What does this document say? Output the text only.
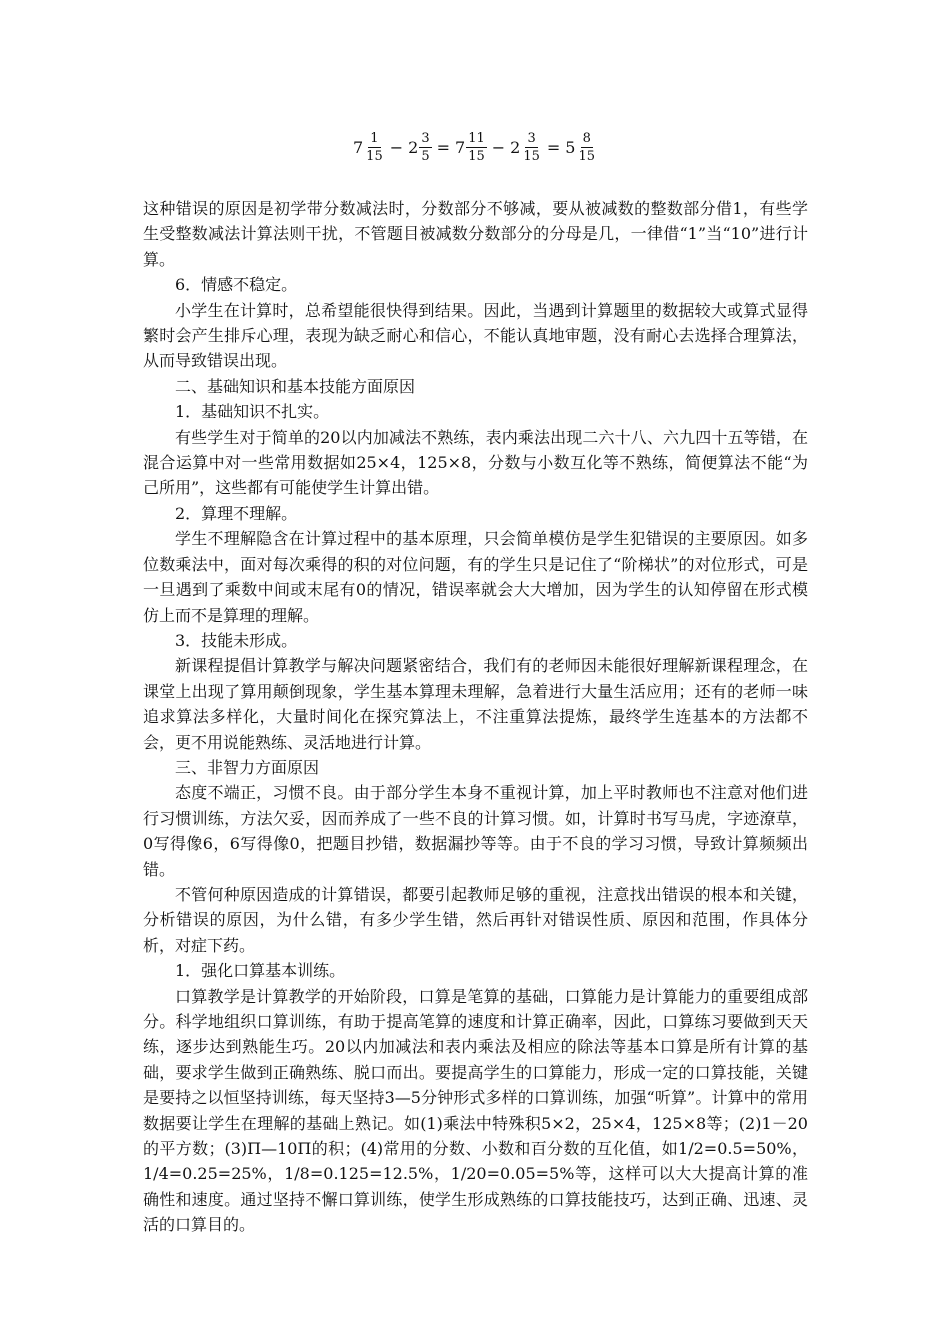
$7 \frac{1}{15} - 2 \frac{3}{5} = 7 \frac{11}{15} - 2 \frac{3}{15} = 5 \frac{8}{15}$

这种错误的原因是初学带分数减法时，分数部分不够减，要从被减数的整数部分借1，有些学生受整数减法计算法则干扰，不管题目被减数分数部分的分母是几，一律借“1”当“10”进行计算。

6．情感不稳定。

小学生在计算时，总希望能很快得到结果。因此，当遇到计算题里的数据较大或算式显得繁时会产生排斥心理，表现为缺乏耐心和信心，不能认真地审题，没有耐心去选择合理算法，从而导致错误出现。

二、基础知识和基本技能方面原因

1．基础知识不扎实。

有些学生对于简单的20以内加减法不熟练，表内乘法出现二六十八、六九四十五等错，在混合运算中对一些常用数据如25×4，125×8，分数与小数互化等不熟练，简便算法不能“为己所用”，这些都有可能使学生计算出错。

2．算理不理解。

学生不理解隐含在计算过程中的基本原理，只会简单模仿是学生犯错误的主要原因。如多位数乘法中，面对每次乘得的积的对位问题，有的学生只是记住了“阶梯状”的对位形式，可是一旦遇到了乘数中间或末尾有0的情况，错误率就会大大增加，因为学生的认知停留在形式模仿上而不是算理的理解。

3．技能未形成。

新课程提倡计算教学与解决问题紧密结合，我们有的老师因未能很好理解新课程理念，在课堂上出现了算用颠倒现象，学生基本算理未理解，急着进行大量生活应用；还有的老师一味追求算法多样化，大量时间化在探究算法上，不注重算法提炼，最终学生连基本的方法都不会，更不用说能熟练、灵活地进行计算。

三、非智力方面原因

态度不端正，习惯不良。由于部分学生本身不重视计算，加上平时教师也不注意对他们进行习惯训练，方法欠妥，因而养成了一些不良的计算习惯。如，计算时书写马虎，字迹潦草，0写得像6，6写得像0，把题目抄错，数据漏抄等等。由于不良的学习习惯，导致计算频频出错。

不管何种原因造成的计算错误，都要引起教师足够的重视，注意找出错误的根本和关键，分析错误的原因，为什么错，有多少学生错，然后再针对错误性质、原因和范围，作具体分析，对症下药。

1．强化口算基本训练。

口算教学是计算教学的开始阶段，口算是笔算的基础，口算能力是计算能力的重要组成部分。科学地组织口算训练，有助于提高笔算的速度和计算正确率，因此，口算练习要做到天天练，逐步达到熟能生巧。20以内加减法和表内乘法及相应的除法等基本口算是所有计算的基础，要求学生做到正确熟练、脱口而出。要提高学生的口算能力，形成一定的口算技能，关键是要持之以恒坚持训练，每天坚持3—5分钟形式多样的口算训练，加强“听算”。计算中的常用数据要让学生在理解的基础上熟记。如(1)乘法中特殊积5×2，25×4，125×8等；(2)1－20的平方数；(3)Π—10Π的积；(4)常用的分数、小数和百分数的互化值，如1/2=0.5=50%，1/4=0.25=25%，1/8=0.125=12.5%，1/20=0.05=5%等，这样可以大大提高计算的准确性和速度。通过坚持不懈口算训练，使学生形成熟练的口算技能技巧，达到正确、迅速、灵活的口算目的。
